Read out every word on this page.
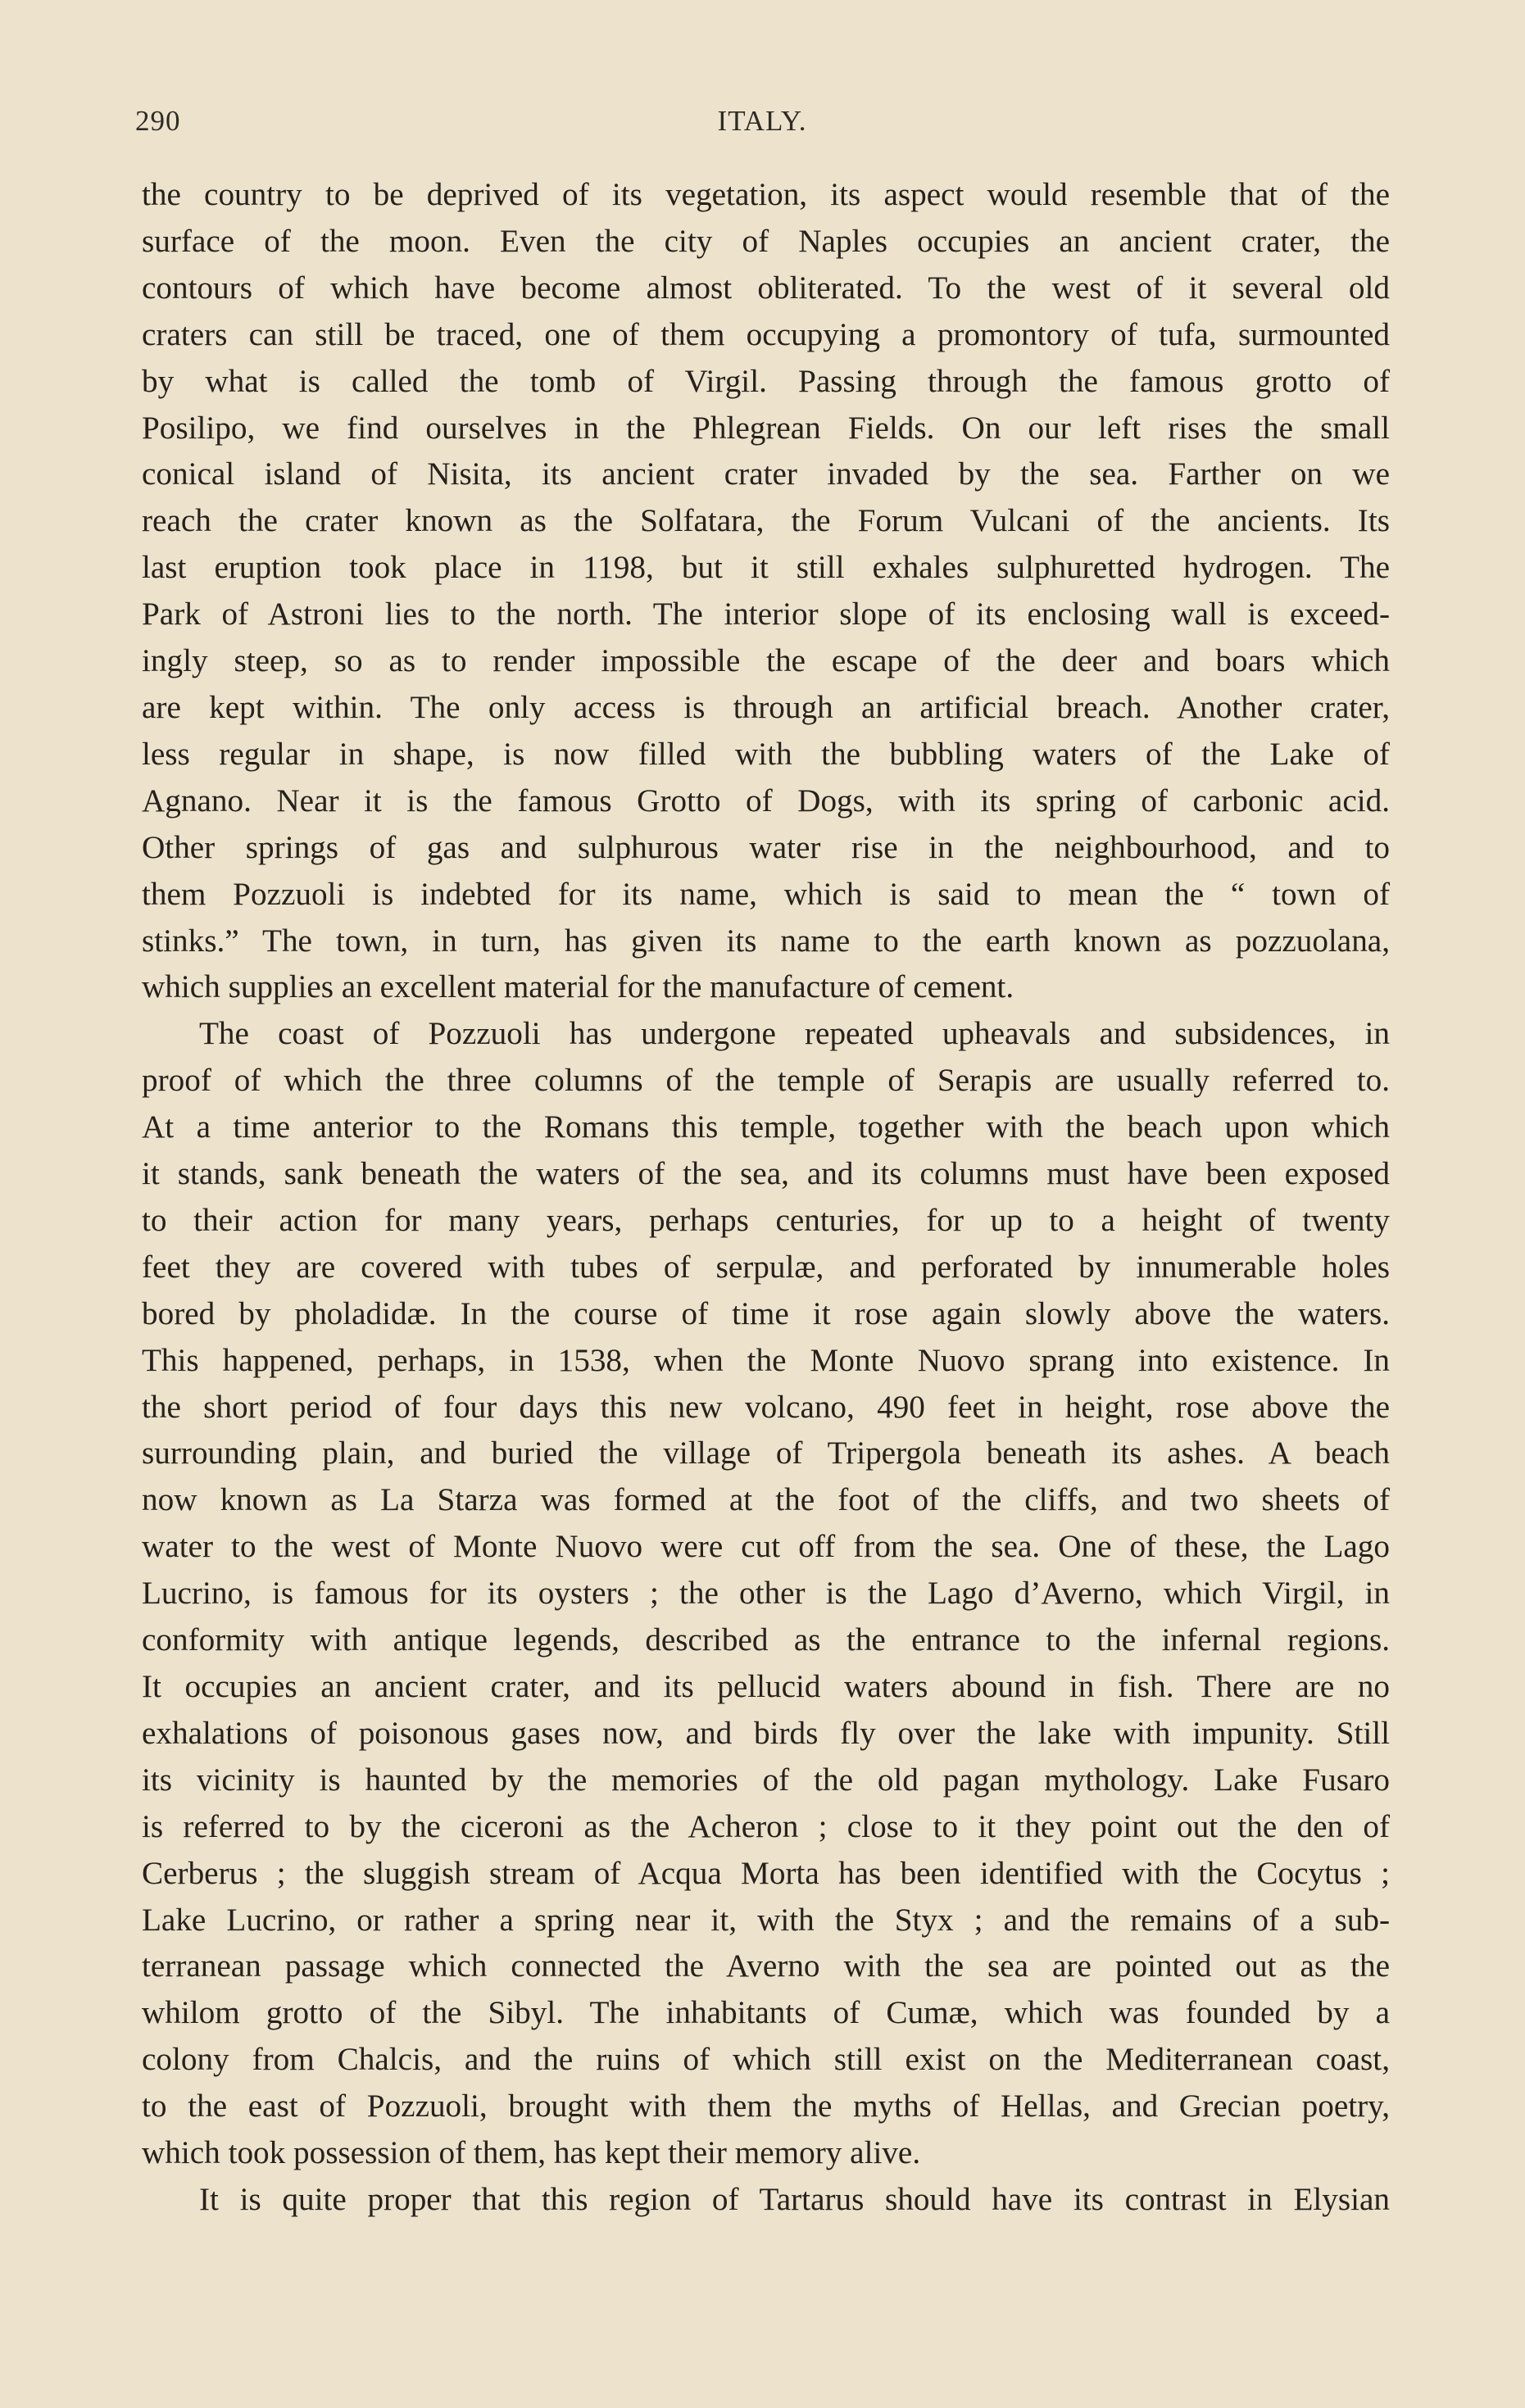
290	ITALY.
the country to be deprived of its vegetation, its aspect would resemble that of the
surface of the moon. Even the city of Naples occupies an ancient crater, the
contours of which have become almost obliterated. To the west of it several old
craters can still be traced, one of them occupying a promontory of tufa, surmounted
by what is called the tomb of Virgil. Passing through the famous grotto of
Posilipo, we find ourselves in the Phlegrean Fields. On our left rises the small
conical island of Nisita, its ancient crater invaded by the sea. Farther on we
reach the crater known as the Solfatara, the Forum Vulcani of the ancients. Its
last eruption took place in 1198, but it still exhales sulphuretted hydrogen. The
Park of Astroni lies to the north. The interior slope of its enclosing wall is exceed-
ingly steep, so as to render impossible the escape of the deer and boars which
are kept within. The only access is through an artificial breach. Another crater,
less regular in shape, is now filled with the bubbling waters of the Lake of
Agnano. Near it is the famous Grotto of Dogs, with its spring of carbonic acid.
Other springs of gas and sulphurous water rise in the neighbourhood, and to
them Pozzuoli is indebted for its name, which is said to mean the “ town of
stinks.” The town, in turn, has given its name to the earth known as pozzuolana,
which supplies an excellent material for the manufacture of cement.
The coast of Pozzuoli has undergone repeated upheavals and subsidences, in
proof of which the three columns of the temple of Serapis are usually referred to.
At a time anterior to the Romans this temple, together with the beach upon which
it stands, sank beneath the waters of the sea, and its columns must have been exposed
to their action for many years, perhaps centuries, for up to a height of twenty
feet they are covered with tubes of serpulæ, and perforated by innumerable holes
bored by pholadidæ. In the course of time it rose again slowly above the waters.
This happened, perhaps, in 1538, when the Monte Nuovo sprang into existence. In
the short period of four days this new volcano, 490 feet in height, rose above the
surrounding plain, and buried the village of Tripergola beneath its ashes. A beach
now known as La Starza was formed at the foot of the cliffs, and two sheets of
water to the west of Monte Nuovo were cut off from the sea. One of these, the Lago
Lucrino, is famous for its oysters ; the other is the Lago d’Averno, which Virgil, in
conformity with antique legends, described as the entrance to the infernal regions.
It occupies an ancient crater, and its pellucid waters abound in fish. There are no
exhalations of poisonous gases now, and birds fly over the lake with impunity. Still
its vicinity is haunted by the memories of the old pagan mythology. Lake Fusaro
is referred to by the ciceroni as the Acheron ; close to it they point out the den of
Cerberus ; the sluggish stream of Acqua Morta has been identified with the Cocytus ;
Lake Lucrino, or rather a spring near it, with the Styx ; and the remains of a sub-
terranean passage which connected the Averno with the sea are pointed out as the
whilom grotto of the Sibyl. The inhabitants of Cumæ, which was founded by a
colony from Chalcis, and the ruins of which still exist on the Mediterranean coast,
to the east of Pozzuoli, brought with them the myths of Hellas, and Grecian poetry,
which took possession of them, has kept their memory alive.
It is quite proper that this region of Tartarus should have its contrast in Elysian
